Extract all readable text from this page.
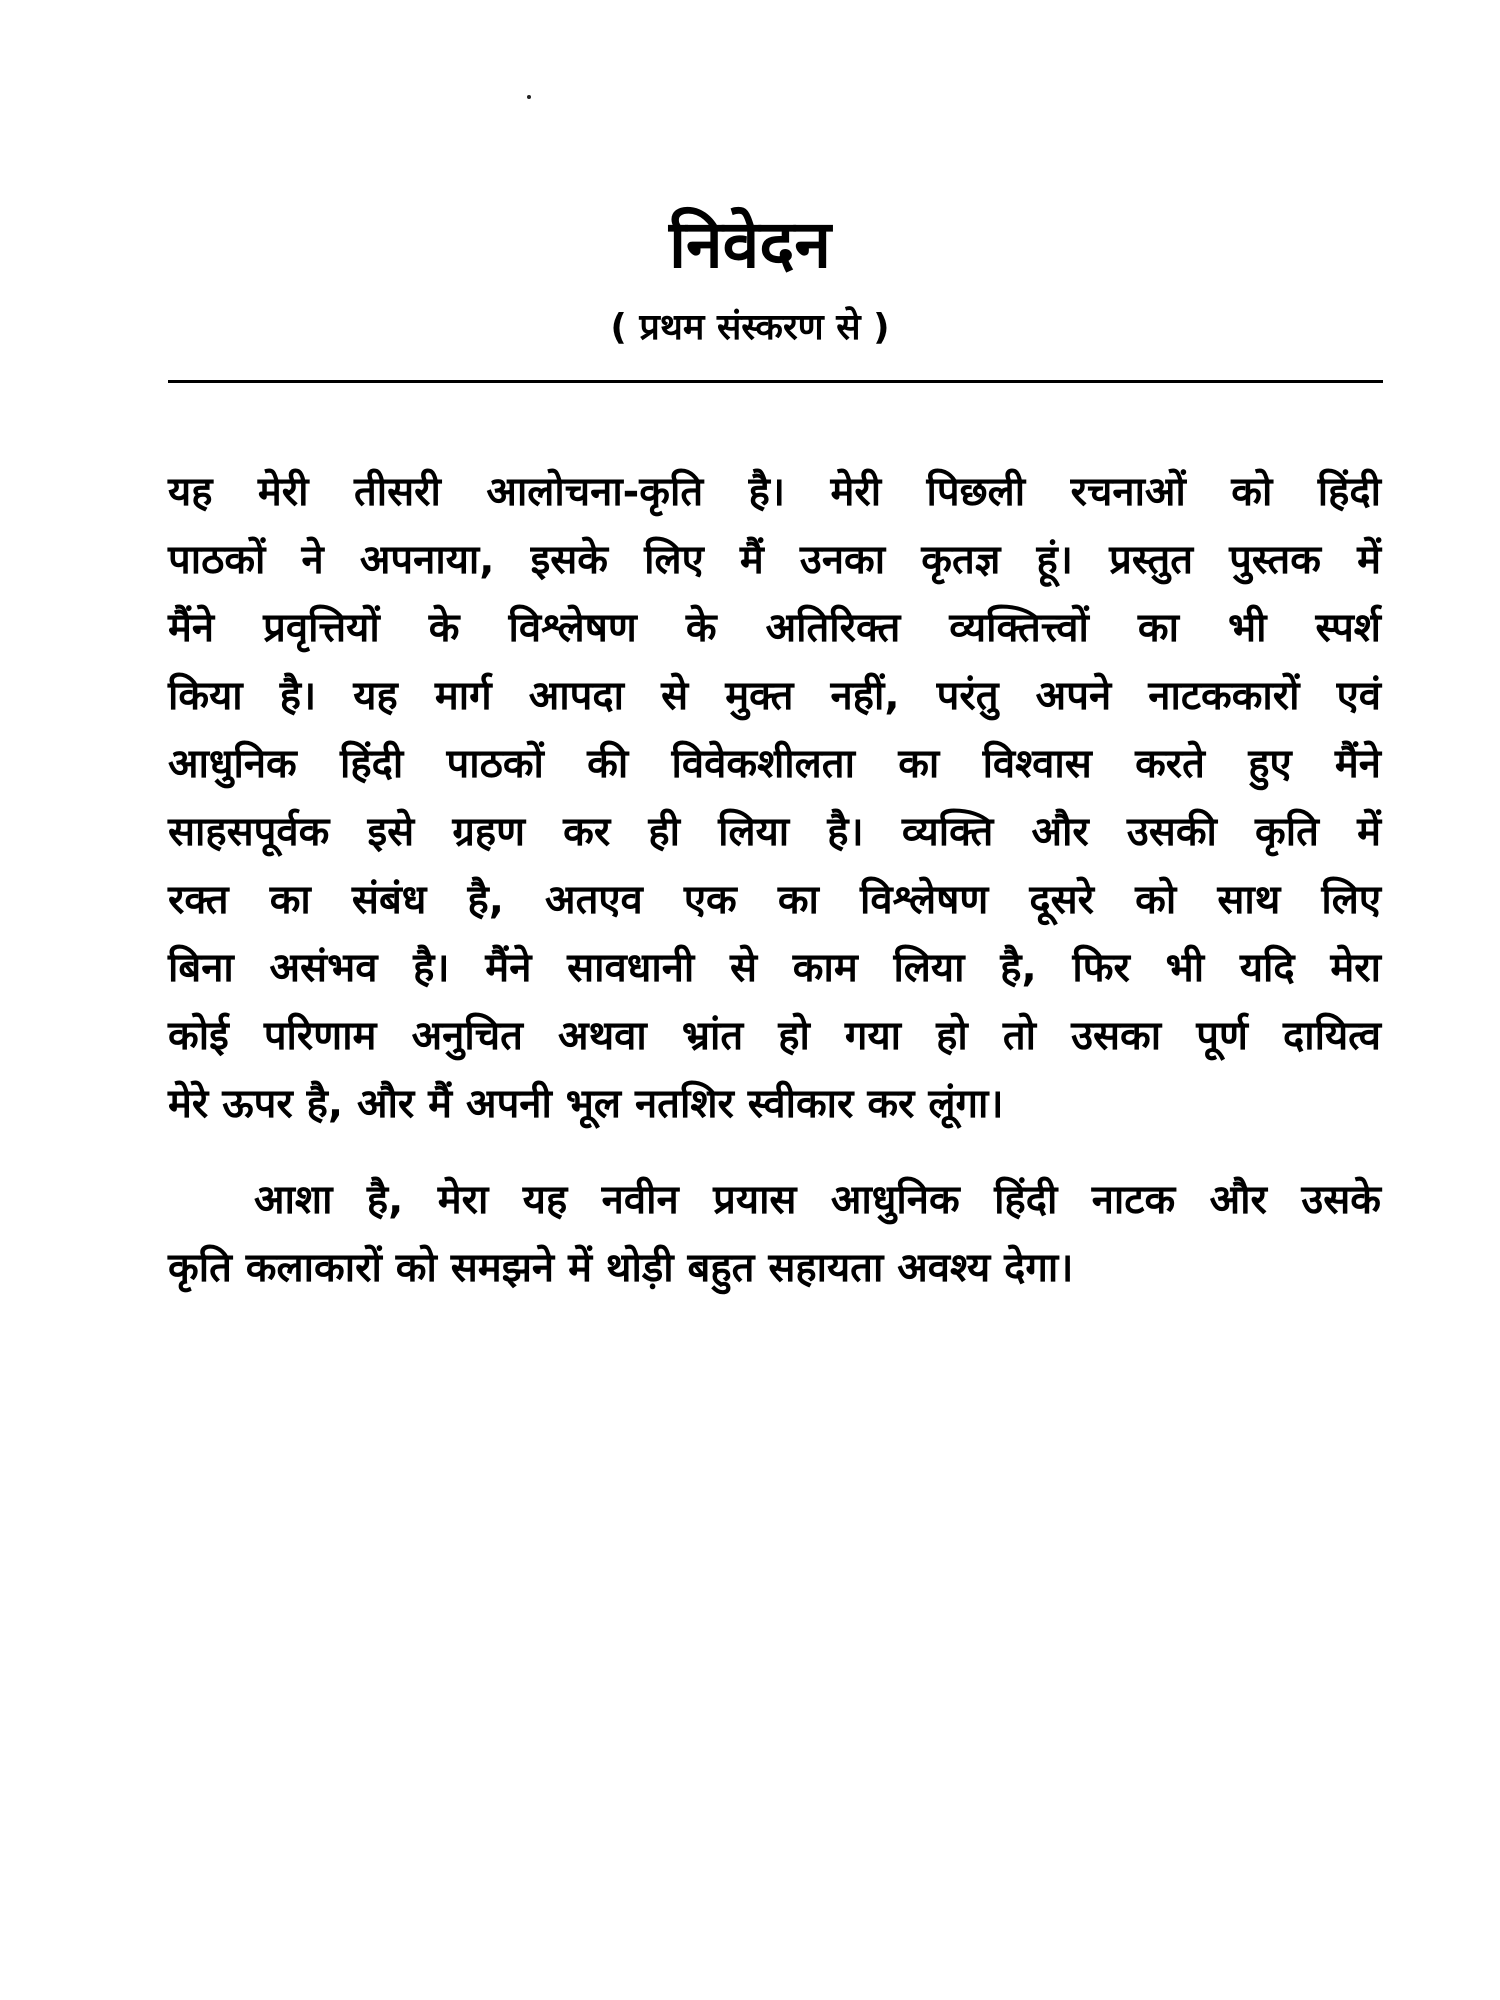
निवेदन
( प्रथम संस्करण से )
यह मेरी तीसरी आलोचना-कृति है। मेरी पिछली रचनाओं को हिंदी
पाठकों ने अपनाया, इसके लिए मैं उनका कृतज्ञ हूं। प्रस्तुत पुस्तक में
मैंने प्रवृत्तियों के विश्लेषण के अतिरिक्त व्यक्तित्त्वों का भी स्पर्श
किया है। यह मार्ग आपदा से मुक्त नहीं, परंतु अपने नाटककारों एवं
आधुनिक हिंदी पाठकों की विवेकशीलता का विश्वास करते हुए मैंने
साहसपूर्वक इसे ग्रहण कर ही लिया है। व्यक्ति और उसकी कृति में
रक्त का संबंध है, अतएव एक का विश्लेषण दूसरे को साथ लिए
बिना असंभव है। मैंने सावधानी से काम लिया है, फिर भी यदि मेरा
कोई परिणाम अनुचित अथवा भ्रांत हो गया हो तो उसका पूर्ण दायित्व
मेरे ऊपर है, और मैं अपनी भूल नतशिर स्वीकार कर लूंगा।
आशा है, मेरा यह नवीन प्रयास आधुनिक हिंदी नाटक और उसके
कृति कलाकारों को समझने में थोड़ी बहुत सहायता अवश्य देगा।
